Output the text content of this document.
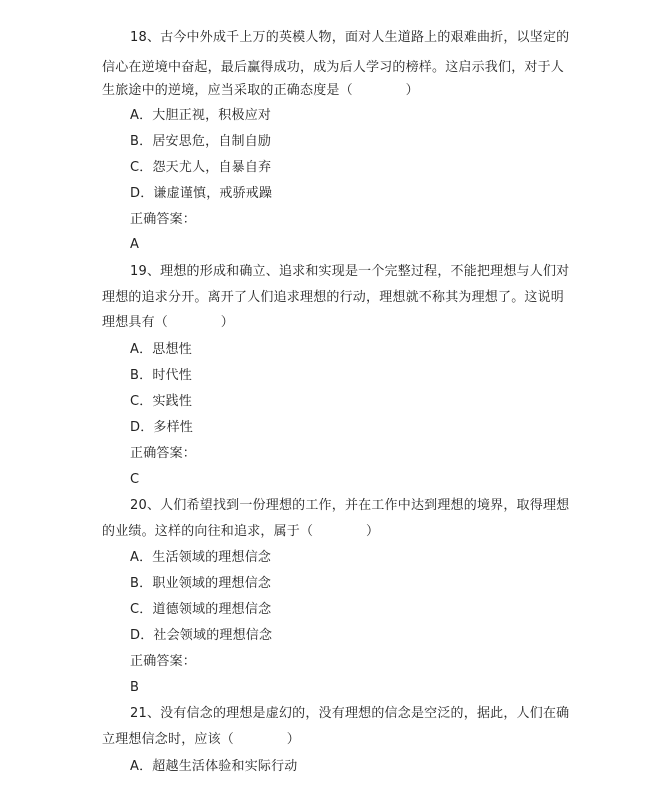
18、古今中外成千上万的英模人物，面对人生道路上的艰难曲折，以坚定的
信心在逆境中奋起，最后赢得成功，成为后人学习的榜样。这启示我们，对于人
生旅途中的逆境，应当采取的正确态度是（　　　　）
A．大胆正视，积极应对
B．居安思危，自制自励
C．怨天尤人，自暴自弃
D．谦虚谨慎，戒骄戒躁
正确答案：
A
19、理想的形成和确立、追求和实现是一个完整过程，不能把理想与人们对
理想的追求分开。离开了人们追求理想的行动，理想就不称其为理想了。这说明
理想具有（　　　　）
A．思想性
B．时代性
C．实践性
D．多样性
正确答案：
C
20、人们希望找到一份理想的工作，并在工作中达到理想的境界，取得理想
的业绩。这样的向往和追求，属于（　　　　）
A．生活领域的理想信念
B．职业领域的理想信念
C．道德领域的理想信念
D．社会领域的理想信念
正确答案：
B
21、没有信念的理想是虚幻的，没有理想的信念是空泛的，据此，人们在确
立理想信念时，应该（　　　　）
A．超越生活体验和实际行动
